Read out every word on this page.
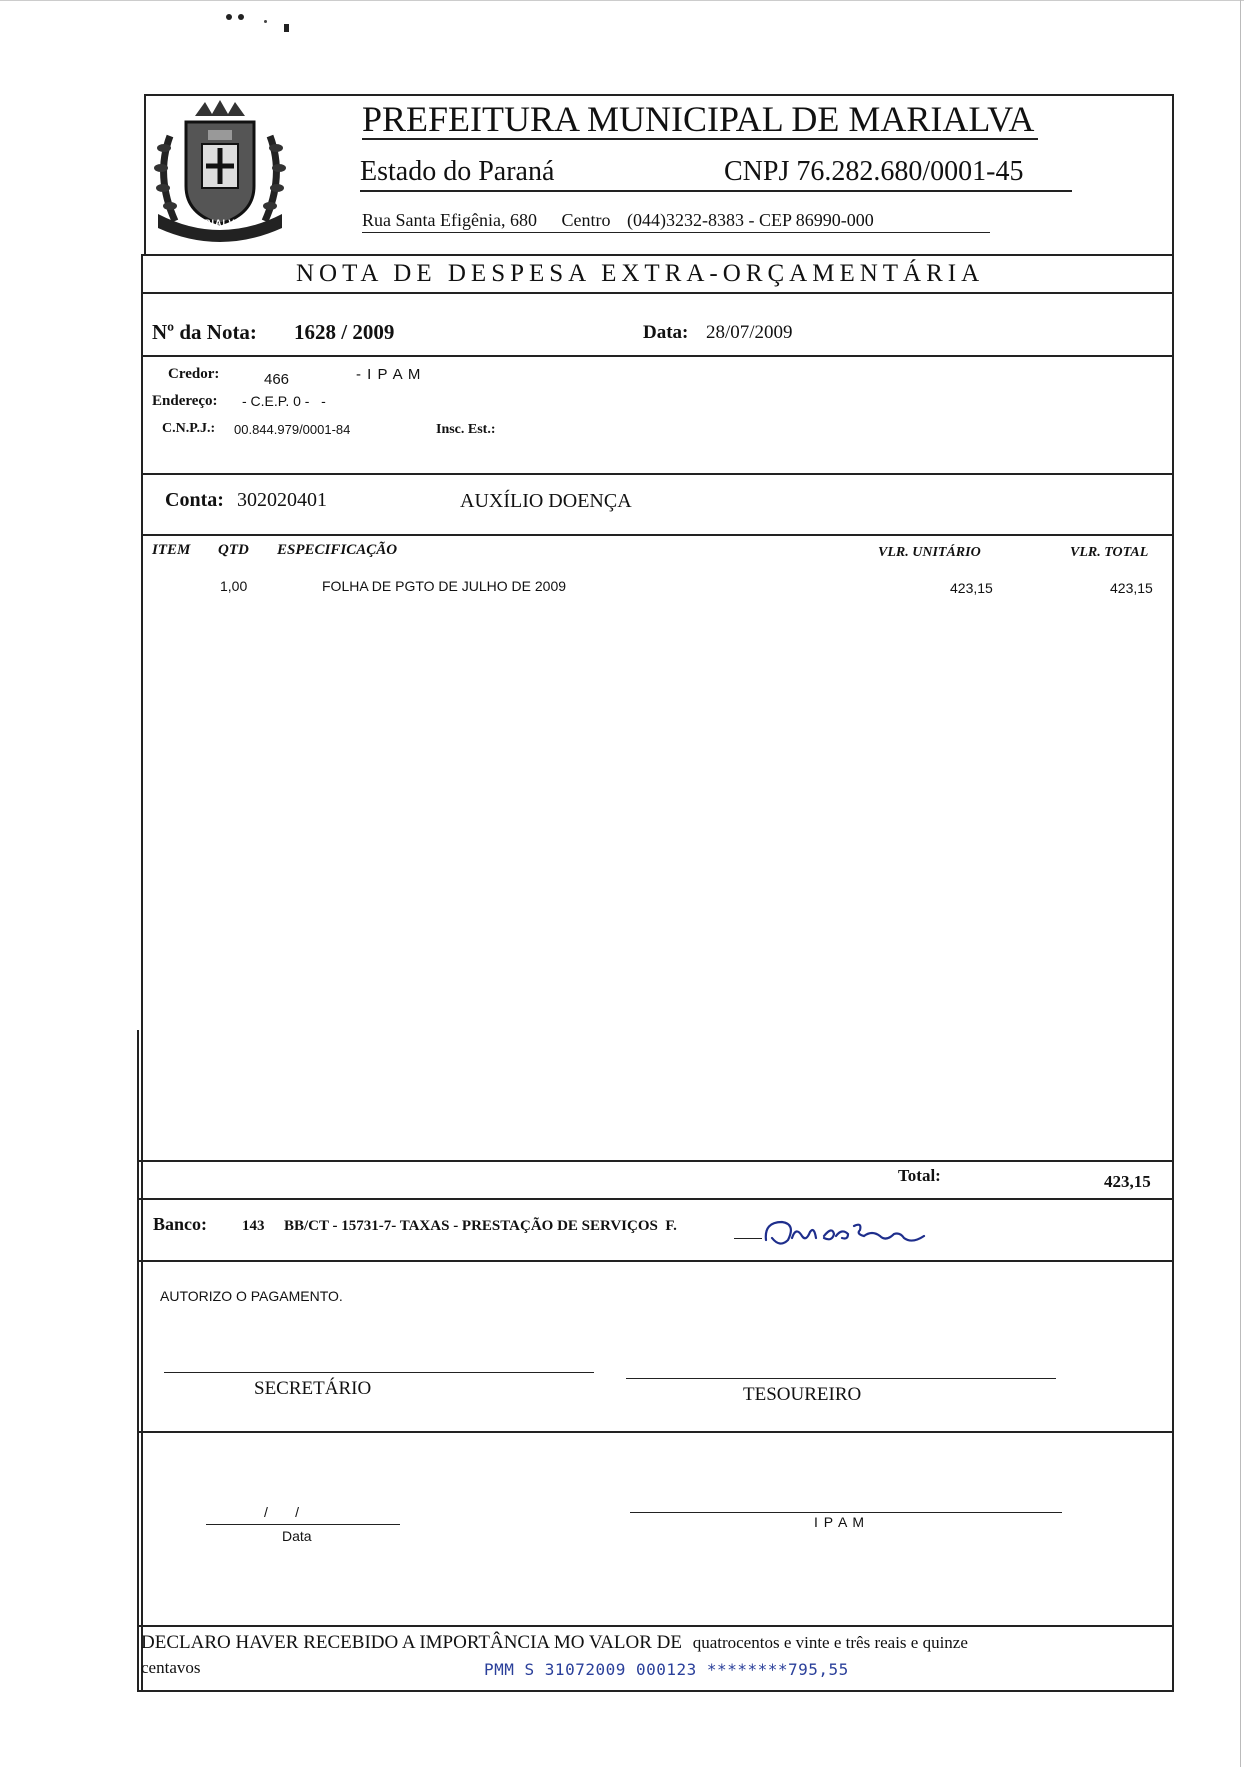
MARIALVA
PREFEITURA MUNICIPAL DE MARIALVA
Estado do Paraná	CNPJ 76.282.680/0001-45
Rua Santa Efigênia, 680 Centro (044)3232-8383 - CEP 86990-000
NOTA DE DESPESA EXTRA-ORÇAMENTÁRIA
Nº da Nota: 1628 / 2009	Data: 28/07/2009
Credor:	466	- I P A M
Endereço: - C.E.P. 0 -   -
C.N.P.J.: 00.844.979/0001-84	Insc. Est.:
Conta: 302020401	AUXÍLIO DOENÇA
ITEM QTD ESPECIFICAÇÃO	VLR. UNITÁRIO	VLR. TOTAL
1,00	FOLHA DE PGTO DE JULHO DE 2009	423,15	423,15
Total:	423,15
Banco: 143 BB/CT - 15731-7- TAXAS - PRESTAÇÃO DE SERVIÇOS  F.
AUTORIZO O PAGAMENTO.
SECRETÁRIO	TESOUREIRO
/       /
Data
I P A M
DECLARO HAVER RECEBIDO A IMPORTÂNCIA MO VALOR DE quatrocentos e vinte e três reais e quinze
centavos	PMM S 31072009 000123 ********795,55
